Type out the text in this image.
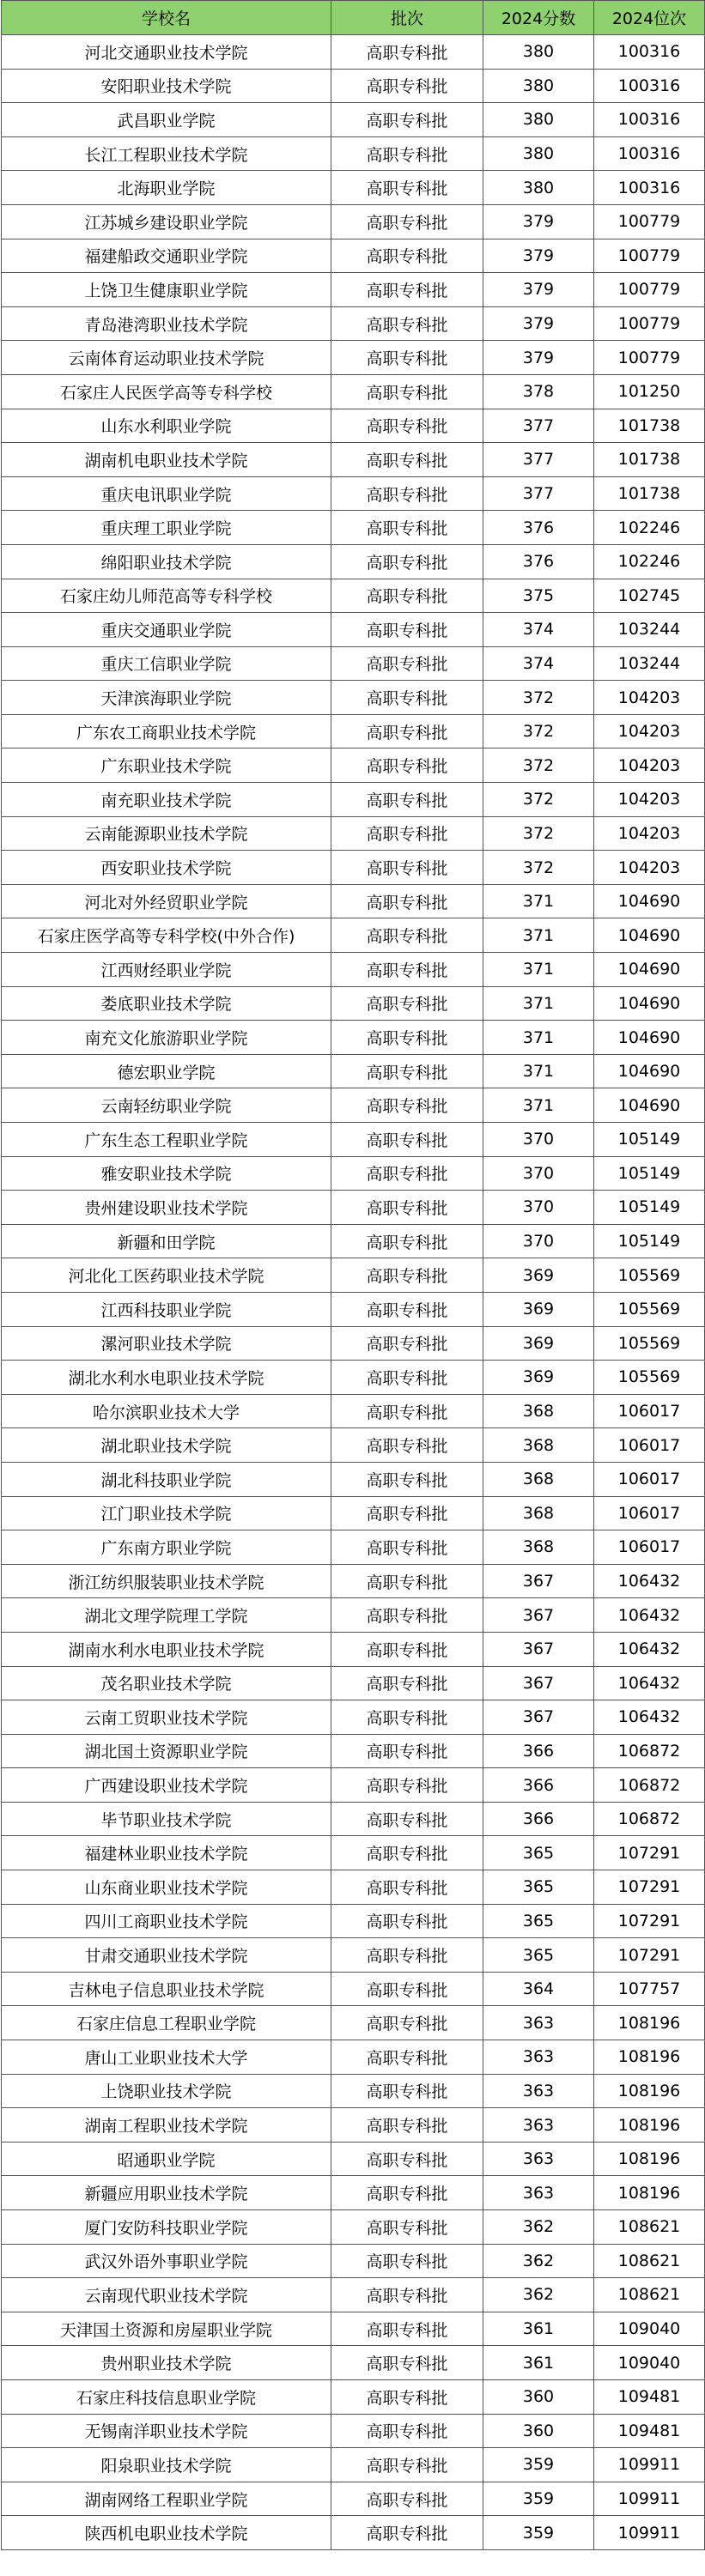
学校名	批次	2024分数	2024位次
河北交通职业技术学院	高职专科批	380	100316
安阳职业技术学院	高职专科批	380	100316
武昌职业学院	高职专科批	380	100316
长江工程职业技术学院	高职专科批	380	100316
北海职业学院	高职专科批	380	100316
江苏城乡建设职业学院	高职专科批	379	100779
福建船政交通职业学院	高职专科批	379	100779
上饶卫生健康职业学院	高职专科批	379	100779
青岛港湾职业技术学院	高职专科批	379	100779
云南体育运动职业技术学院	高职专科批	379	100779
石家庄人民医学高等专科学校	高职专科批	378	101250
山东水利职业学院	高职专科批	377	101738
湖南机电职业技术学院	高职专科批	377	101738
重庆电讯职业学院	高职专科批	377	101738
重庆理工职业学院	高职专科批	376	102246
绵阳职业技术学院	高职专科批	376	102246
石家庄幼儿师范高等专科学校	高职专科批	375	102745
重庆交通职业学院	高职专科批	374	103244
重庆工信职业学院	高职专科批	374	103244
天津滨海职业学院	高职专科批	372	104203
广东农工商职业技术学院	高职专科批	372	104203
广东职业技术学院	高职专科批	372	104203
南充职业技术学院	高职专科批	372	104203
云南能源职业技术学院	高职专科批	372	104203
西安职业技术学院	高职专科批	372	104203
河北对外经贸职业学院	高职专科批	371	104690
石家庄医学高等专科学校(中外合作)	高职专科批	371	104690
江西财经职业学院	高职专科批	371	104690
娄底职业技术学院	高职专科批	371	104690
南充文化旅游职业学院	高职专科批	371	104690
德宏职业学院	高职专科批	371	104690
云南轻纺职业学院	高职专科批	371	104690
广东生态工程职业学院	高职专科批	370	105149
雅安职业技术学院	高职专科批	370	105149
贵州建设职业技术学院	高职专科批	370	105149
新疆和田学院	高职专科批	370	105149
河北化工医药职业技术学院	高职专科批	369	105569
江西科技职业学院	高职专科批	369	105569
漯河职业技术学院	高职专科批	369	105569
湖北水利水电职业技术学院	高职专科批	369	105569
哈尔滨职业技术大学	高职专科批	368	106017
湖北职业技术学院	高职专科批	368	106017
湖北科技职业学院	高职专科批	368	106017
江门职业技术学院	高职专科批	368	106017
广东南方职业学院	高职专科批	368	106017
浙江纺织服装职业技术学院	高职专科批	367	106432
湖北文理学院理工学院	高职专科批	367	106432
湖南水利水电职业技术学院	高职专科批	367	106432
茂名职业技术学院	高职专科批	367	106432
云南工贸职业技术学院	高职专科批	367	106432
湖北国土资源职业学院	高职专科批	366	106872
广西建设职业技术学院	高职专科批	366	106872
毕节职业技术学院	高职专科批	366	106872
福建林业职业技术学院	高职专科批	365	107291
山东商业职业技术学院	高职专科批	365	107291
四川工商职业技术学院	高职专科批	365	107291
甘肃交通职业技术学院	高职专科批	365	107291
吉林电子信息职业技术学院	高职专科批	364	107757
石家庄信息工程职业学院	高职专科批	363	108196
唐山工业职业技术大学	高职专科批	363	108196
上饶职业技术学院	高职专科批	363	108196
湖南工程职业技术学院	高职专科批	363	108196
昭通职业学院	高职专科批	363	108196
新疆应用职业技术学院	高职专科批	363	108196
厦门安防科技职业学院	高职专科批	362	108621
武汉外语外事职业学院	高职专科批	362	108621
云南现代职业技术学院	高职专科批	362	108621
天津国土资源和房屋职业学院	高职专科批	361	109040
贵州职业技术学院	高职专科批	361	109040
石家庄科技信息职业学院	高职专科批	360	109481
无锡南洋职业技术学院	高职专科批	360	109481
阳泉职业技术学院	高职专科批	359	109911
湖南网络工程职业学院	高职专科批	359	109911
陕西机电职业技术学院	高职专科批	359	109911
